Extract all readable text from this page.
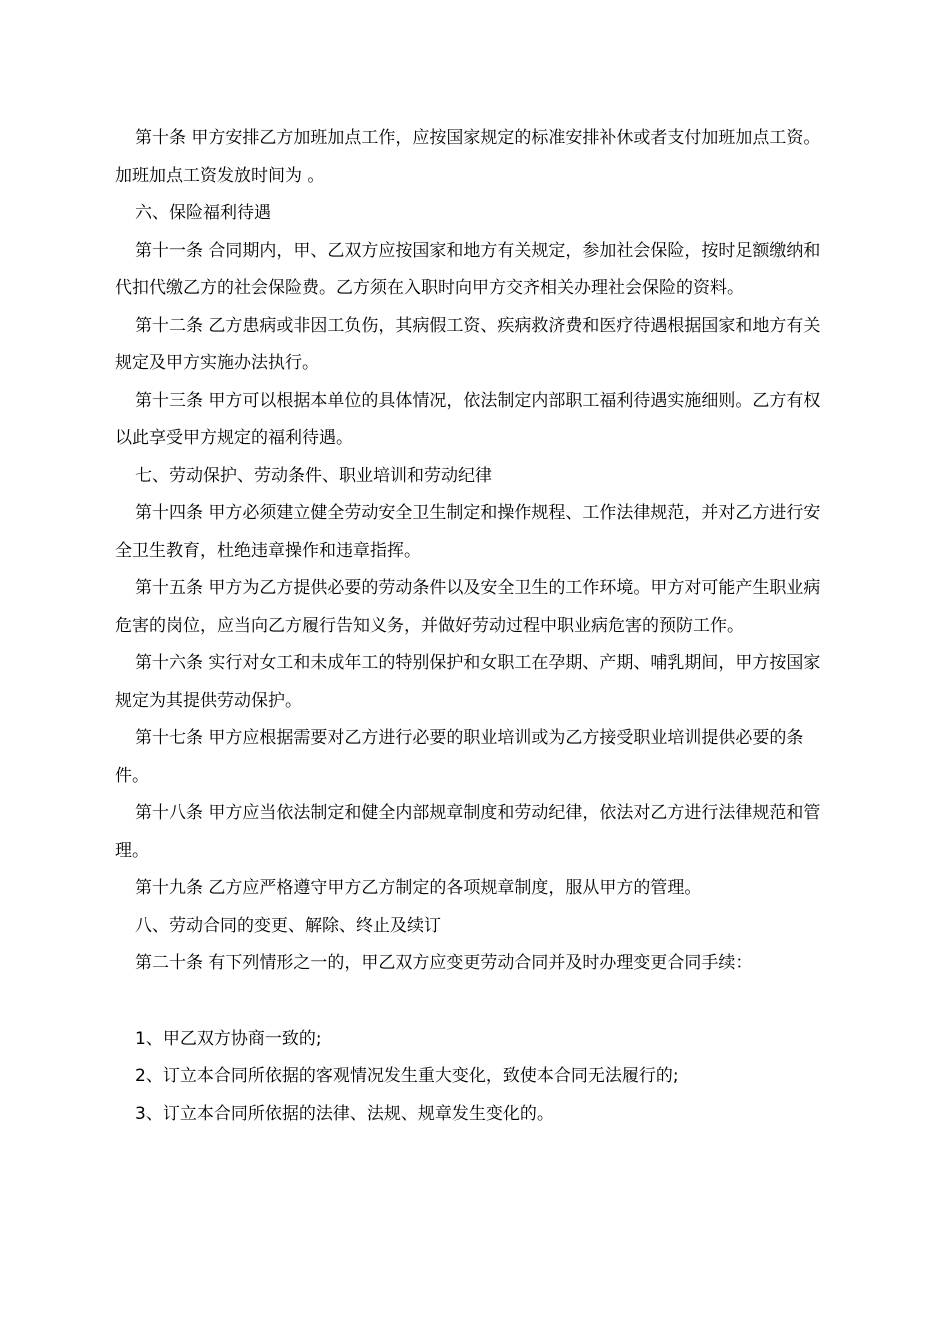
第十条 甲方安排乙方加班加点工作，应按国家规定的标准安排补休或者支付加班加点工资。加班加点工资发放时间为 。

六、保险福利待遇

第十一条 合同期内，甲、乙双方应按国家和地方有关规定，参加社会保险，按时足额缴纳和代扣代缴乙方的社会保险费。乙方须在入职时向甲方交齐相关办理社会保险的资料。

第十二条 乙方患病或非因工负伤，其病假工资、疾病救济费和医疗待遇根据国家和地方有关规定及甲方实施办法执行。

第十三条 甲方可以根据本单位的具体情况，依法制定内部职工福利待遇实施细则。乙方有权以此享受甲方规定的福利待遇。

七、劳动保护、劳动条件、职业培训和劳动纪律

第十四条 甲方必须建立健全劳动安全卫生制定和操作规程、工作法律规范，并对乙方进行安全卫生教育，杜绝违章操作和违章指挥。

第十五条 甲方为乙方提供必要的劳动条件以及安全卫生的工作环境。甲方对可能产生职业病危害的岗位，应当向乙方履行告知义务，并做好劳动过程中职业病危害的预防工作。

第十六条 实行对女工和未成年工的特别保护和女职工在孕期、产期、哺乳期间，甲方按国家规定为其提供劳动保护。

第十七条 甲方应根据需要对乙方进行必要的职业培训或为乙方接受职业培训提供必要的条件。

第十八条 甲方应当依法制定和健全内部规章制度和劳动纪律，依法对乙方进行法律规范和管理。

第十九条 乙方应严格遵守甲方乙方制定的各项规章制度，服从甲方的管理。

八、劳动合同的变更、解除、终止及续订

第二十条 有下列情形之一的，甲乙双方应变更劳动合同并及时办理变更合同手续：

1、甲乙双方协商一致的;

2、订立本合同所依据的客观情况发生重大变化，致使本合同无法履行的;

3、订立本合同所依据的法律、法规、规章发生变化的。
